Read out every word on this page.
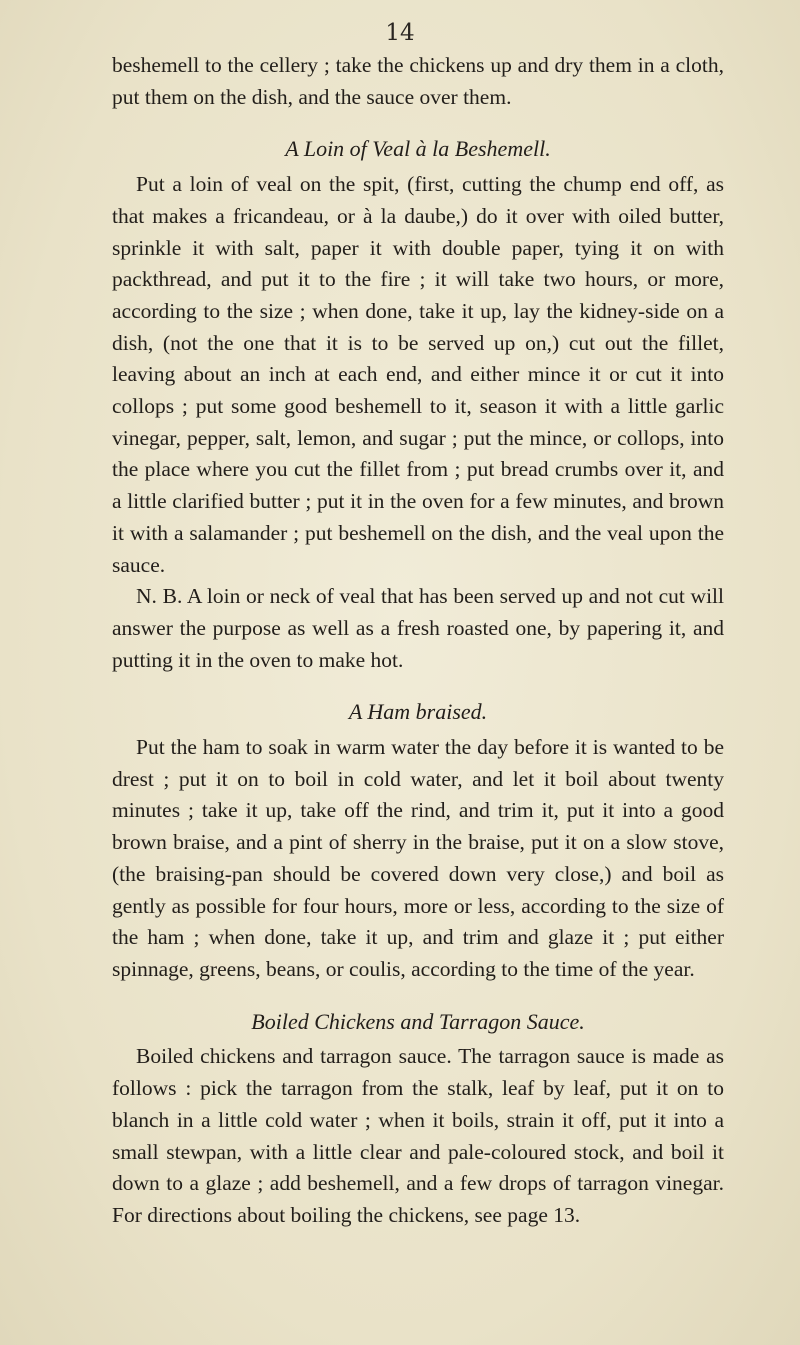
14

beshemell to the cellery ; take the chickens up and dry them in a cloth, put them on the dish, and the sauce over them.

A Loin of Veal à la Beshemell.

Put a loin of veal on the spit, (first, cutting the chump end off, as that makes a fricandeau, or à la daube,) do it over with oiled butter, sprinkle it with salt, paper it with double paper, tying it on with packthread, and put it to the fire ; it will take two hours, or more, according to the size ; when done, take it up, lay the kidney-side on a dish, (not the one that it is to be served up on,) cut out the fillet, leaving about an inch at each end, and either mince it or cut it into collops ; put some good beshemell to it, season it with a little garlic vinegar, pepper, salt, lemon, and sugar ; put the mince, or collops, into the place where you cut the fillet from ; put bread crumbs over it, and a little clarified butter ; put it in the oven for a few minutes, and brown it with a salamander ; put beshemell on the dish, and the veal upon the sauce.

N. B. A loin or neck of veal that has been served up and not cut will answer the purpose as well as a fresh roasted one, by papering it, and putting it in the oven to make hot.

A Ham braised.

Put the ham to soak in warm water the day before it is wanted to be drest ; put it on to boil in cold water, and let it boil about twenty minutes ; take it up, take off the rind, and trim it, put it into a good brown braise, and a pint of sherry in the braise, put it on a slow stove, (the braising-pan should be covered down very close,) and boil as gently as possible for four hours, more or less, according to the size of the ham ; when done, take it up, and trim and glaze it ; put either spinnage, greens, beans, or coulis, according to the time of the year.

Boiled Chickens and Tarragon Sauce.

Boiled chickens and tarragon sauce. The tarragon sauce is made as follows : pick the tarragon from the stalk, leaf by leaf, put it on to blanch in a little cold water ; when it boils, strain it off, put it into a small stewpan, with a little clear and pale-coloured stock, and boil it down to a glaze ; add beshemell, and a few drops of tarragon vinegar. For directions about boiling the chickens, see page 13.
